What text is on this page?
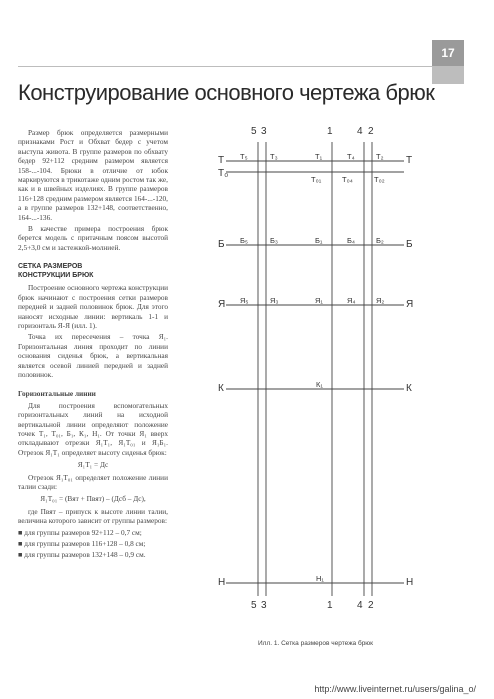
17
Конструирование основного чертежа брюк

Размер брюк определяется размерными признаками Рост и Обхват бедер с учетом выступа живота. В группе размеров по обхвату бедер 92+112 средним размером является 158-...-104. Брюки в отличие от юбок маркируются в трикотаже одним ростом так же, как и в швейных изделиях. В группе размеров 116+128 средним размером является 164-...-120, а в группе размеров 132+148, соответственно, 164-...-136.

В качестве примера построения брюк берется модель с притачным поясом высотой 2,5+3,0 см и застежкой-молнией.

СЕТКА РАЗМЕРОВ
КОНСТРУКЦИИ БРЮК

Построение основного чертежа конструкции брюк начинают с построения сетки размеров передней и задней половинок брюк. Для этого наносят исходные линии: вертикаль 1-1 и горизонталь Я-Я (илл. 1).

Точка их пересечения – точка Я₁. Горизонтальная линия проходит по линии основания сиденья брюк, а вертикальная является осевой линией передней и задней половинок.

Горизонтальные линии

Для построения вспомогательных горизонтальных линий на исходной вертикальной линии определяют положение точек Т₁, Т₀₁, Б₁, К₁, Н₁. От точки Я₁ вверх откладывают отрезки Я₁Т₁, Я₁Т₀₁ и Я₁Б₁. Отрезок Я₁Т₁ определяет высоту сиденья брюк:

Я₁Т₁ = Дс

Отрезок Я₁Т₀₁ определяет положение линии талии сзади:

Я₁Т₀₁ = (Вят + Пвят) – (Дсб – Дс),

где Пвят – припуск к высоте линии талии, величина которого зависит от группы размеров:

■ для группы размеров 92+112 – 0,7 см;

■ для группы размеров 116+128 – 0,8 см;

■ для группы размеров 132+148 – 0,9 см.

5 3	1 4 2
Т
Т₀
Б
Я
К
Н
Т
Б
Я
К
Н
Т₅	Т₃	Т₁	Т₄	Т₂
Т₀₁	Т₀₄	Т₀₂
Б₅	Б₃	Б₁	Б₄	Б₂
Я₅	Я₃	Я₁	Я₄	Я₂
К₁
Н₁
5 3	1 4 2
Илл. 1. Сетка размеров чертежа брюк
http://www.liveinternet.ru/users/galina_o/
